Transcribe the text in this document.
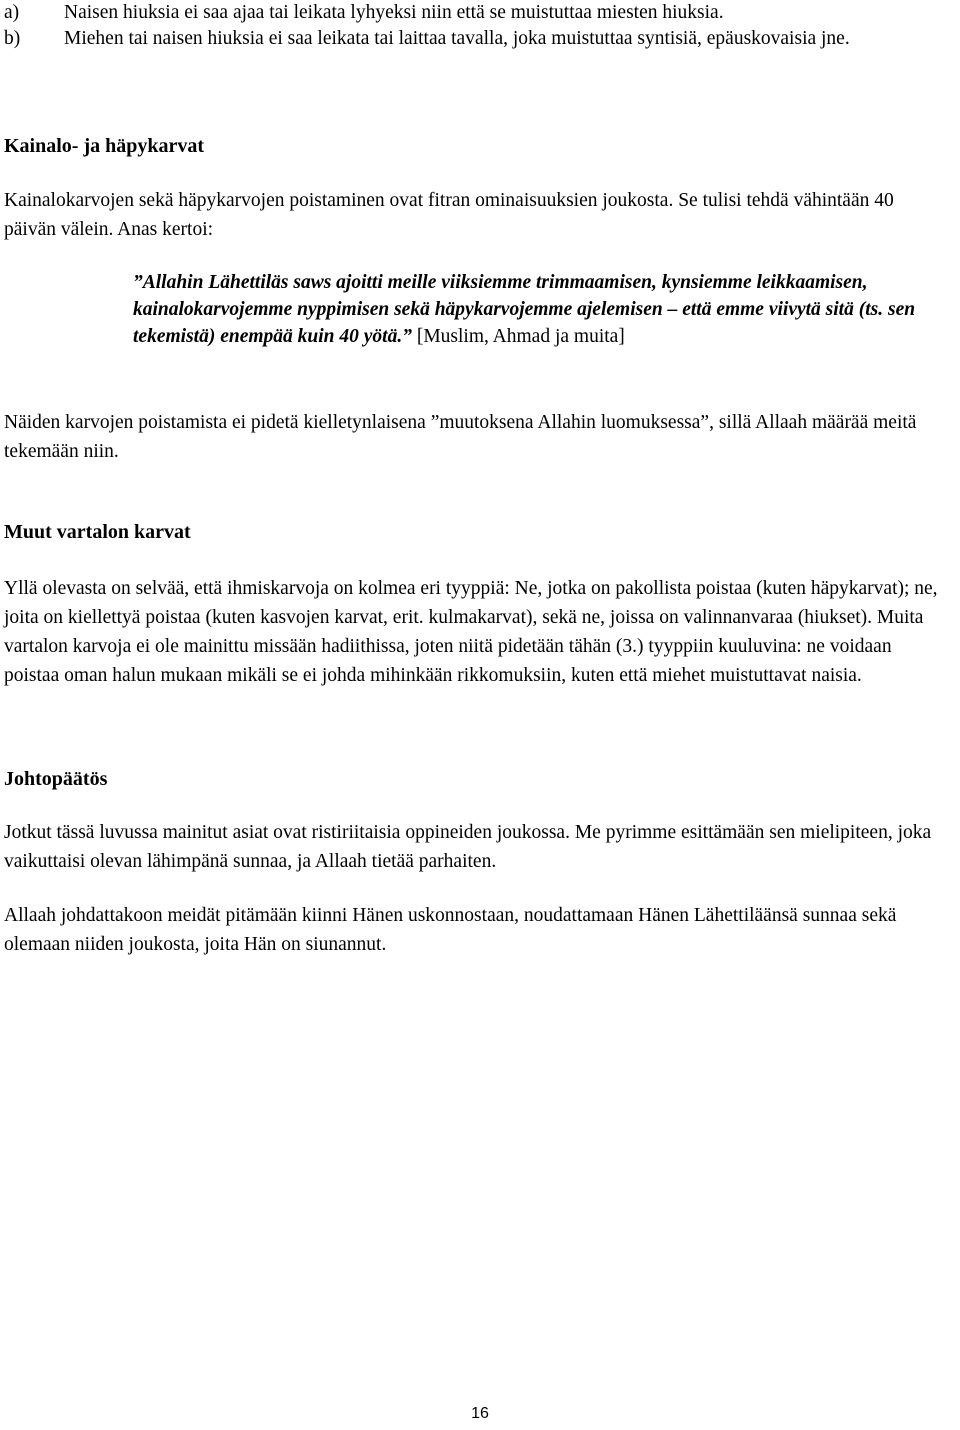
a)	Naisen hiuksia ei saa ajaa tai leikata lyhyeksi niin että se muistuttaa miesten hiuksia.
b)	Miehen tai naisen hiuksia ei saa leikata tai laittaa tavalla, joka muistuttaa syntisiä, epäuskovaisia jne.
Kainalo- ja häpykarvat
Kainalokarvojen sekä häpykarvojen poistaminen ovat fitran ominaisuuksien joukosta. Se tulisi tehdä vähintään 40 päivän välein. Anas kertoi:
”Allahin Lähettiläs saws ajoitti meille viiksiemme trimmaamisen, kynsiemme leikkaamisen, kainalokarvojemme nyppimisen sekä häpykarvojemme ajelemisen – että emme viivytä sitä (ts. sen tekemistä) enempää kuin 40 yötä.” [Muslim, Ahmad ja muita]
Näiden karvojen poistamista ei pidetä kielletynlaisena ”muutoksena Allahin luomuksessa”, sillä Allaah määrää meitä tekemään niin.
Muut vartalon karvat
Yllä olevasta on selvää, että ihmiskarvoja on kolmea eri tyyppiä: Ne, jotka on pakollista poistaa (kuten häpykarvat); ne, joita on kiellettyä poistaa (kuten kasvojen karvat, erit. kulmakarvat), sekä ne, joissa on valinnanvaraa (hiukset). Muita vartalon karvoja ei ole mainittu missään hadiithissa, joten niitä pidetään tähän (3.) tyyppiin kuuluvina: ne voidaan poistaa oman halun mukaan mikäli se ei johda mihinkään rikkomuksiin, kuten että miehet muistuttavat naisia.
Johtopäätös
Jotkut tässä luvussa mainitut asiat ovat ristiriitaisia oppineiden joukossa. Me pyrimme esittämään sen mielipiteen, joka vaikuttaisi olevan lähimpänä sunnaa, ja Allaah tietää parhaiten.
Allaah johdattakoon meidät pitämään kiinni Hänen uskonnostaan, noudattamaan Hänen Lähettiläänsä sunnaa sekä olemaan niiden joukosta, joita Hän on siunannut.
16
